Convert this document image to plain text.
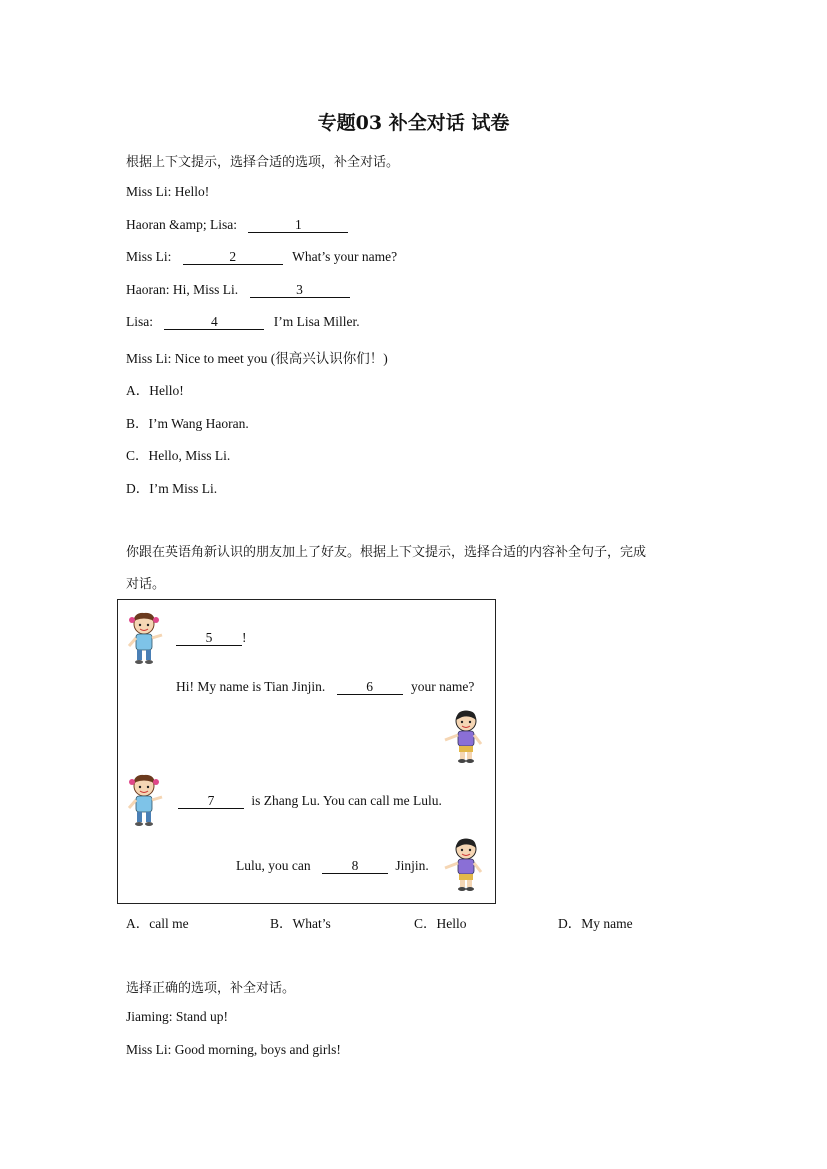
专题03 补全对话 试卷
根据上下文提示，选择合适的选项，补全对话。
Miss Li: Hello!
Haoran &amp; Lisa:	1
Miss Li:	2	What’s your name?
Haoran: Hi, Miss Li.	3
Lisa:	4	I’m Lisa Miller.
Miss Li: Nice to meet you (很高兴认识你们！)
A．Hello!
B．I’m Wang Haoran.
C．Hello, Miss Li.
D．I’m Miss Li.
你跟在英语角新认识的朋友加上了好友。根据上下文提示，选择合适的内容补全句子，完成
对话。
5 !
Hi! My name is Tian Jinjin.	6	your name?
7	is Zhang Lu. You can call me Lulu.
Lulu, you can	8	Jinjin.
A．call me	B．What’s	C．Hello	D．My name
选择正确的选项，补全对话。
Jiaming: Stand up!
Miss Li: Good morning, boys and girls!
